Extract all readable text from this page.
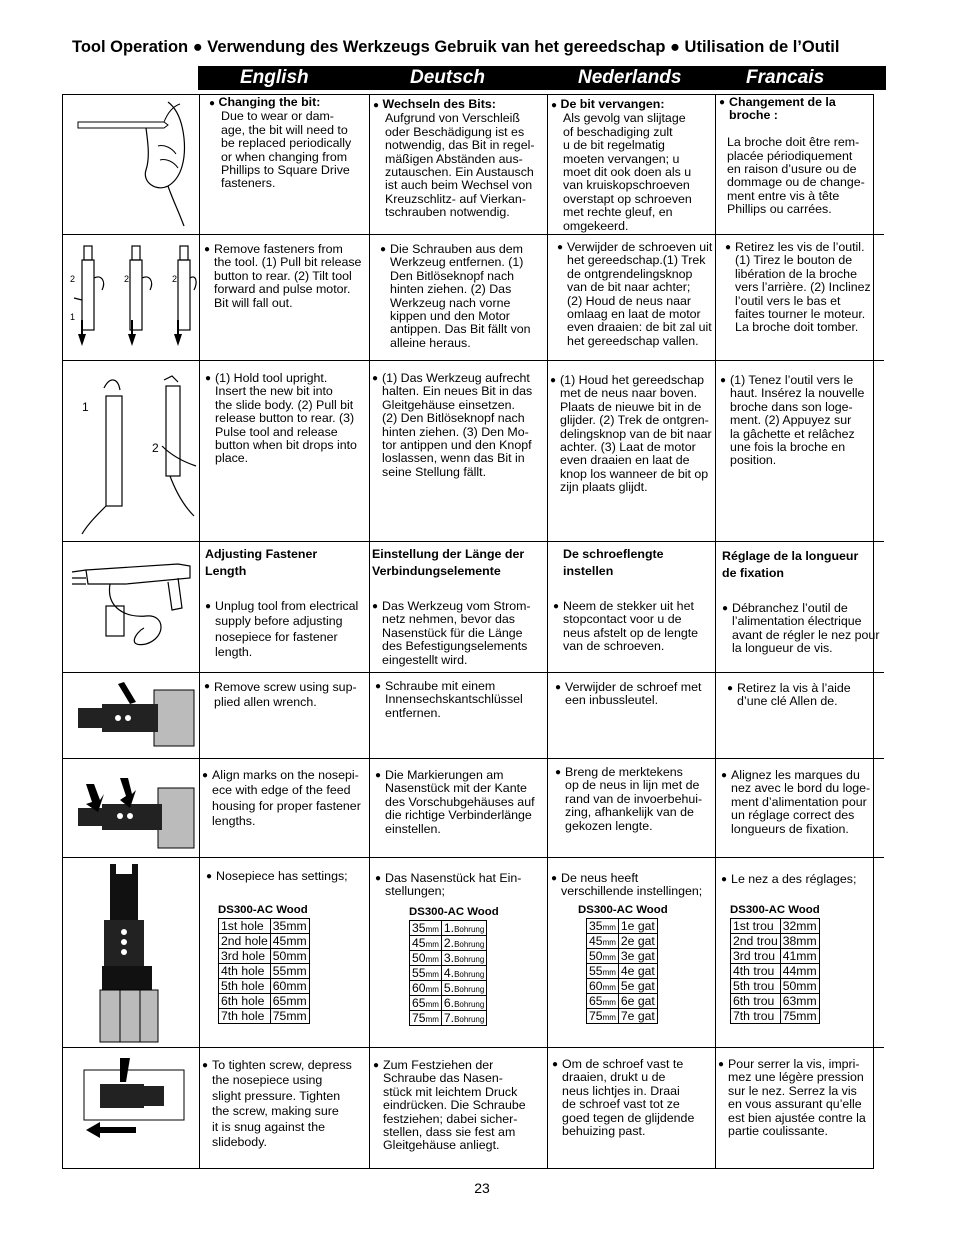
Tool Operation ● Verwendung des Werkzeugs Gebruik van het gereedschap ● Utilisation de l’Outil
English	Deutsch	Nederlands	Francais
● Changing the bit:

Due to wear or dam-
age, the bit will need to
be replaced periodically
or when changing from
Phillips to Square Drive
fasteners.
● Wechseln des Bits:

Aufgrund von Verschleiß
oder Beschädigung ist es
notwendig, das Bit in regel-
mäßigen Abständen aus-
zutauschen. Ein Austausch
ist auch beim Wechsel von
Kreuzschlitz- auf Vierkan-
tschrauben notwendig.
● De bit vervangen:

Als gevolg van slijtage
of beschadiging zult
u de bit regelmatig
moeten vervangen; u
moet dit ook doen als u
van kruiskopschroeven
overstapt op schroeven
met rechte gleuf, en
omgekeerd.
● Changement de la
broche :

La broche doit être rem-
placée périodiquement
en raison d’usure ou de
dommage ou de change-
ment entre vis à tête
Phillips ou carrées.
● Remove fasteners from
the tool. (1) Pull bit release
button to rear. (2) Tilt tool
forward and pulse motor.
Bit will fall out.
● Die Schrauben aus dem
Werkzeug entfernen. (1)
Den Bitlöseknopf nach
hinten ziehen. (2) Das
Werkzeug nach vorne
kippen und den Motor
antippen. Das Bit fällt von
alleine heraus.
● Verwijder de schroeven uit
het gereedschap.(1) Trek
de ontgrendelingsknop
van de bit naar achter;
(2) Houd de neus naar
omlaag en laat de motor
even draaien: de bit zal uit
het gereedschap vallen.
● Retirez les vis de l’outil.
(1) Tirez le bouton de
libération de la broche
vers l’arrière. (2) Inclinez
l’outil vers le bas et
faites tourner le moteur.
La broche doit tomber.
● (1) Hold tool upright.
Insert the new bit into
the slide body. (2) Pull bit
release button to rear. (3)
Pulse tool and release
button when bit drops into
place.
● (1) Das Werkzeug aufrecht
halten. Ein neues Bit in das
Gleitgehäuse einsetzen.
(2) Den Bitlöseknopf nach
hinten ziehen. (3) Den Mo-
tor antippen und den Knopf
loslassen, wenn das Bit in
seine Stellung fällt.
● (1) Houd het gereedschap
met de neus naar boven.
Plaats de nieuwe bit in de
glijder. (2) Trek de ontgren-
delingsknop van de bit naar
achter. (3) Laat de motor
even draaien en laat de
knop los wanneer de bit op
zijn plaats glijdt.
● (1) Tenez l’outil vers le
haut. Insérez la nouvelle
broche dans son loge-
ment. (2) Appuyez sur
la gâchette et relâchez
une fois la broche en
position.
Adjusting Fastener
Length

● Unplug tool from electrical
supply before adjusting
nosepiece for fastener
length.
Einstellung der Länge der
Verbindungselemente

● Das Werkzeug vom Strom-
netz nehmen, bevor das
Nasenstück für die Länge
des Befestigungselements
eingestellt wird.
De schroeflengte
instellen

● Neem de stekker uit het
stopcontact voor u de
neus afstelt op de lengte
van de schroeven.
Réglage de la longueur
de fixation

● Débranchez l’outil de
l’alimentation électrique
avant de régler le nez pour
la longueur de vis.
● Remove screw using sup-
plied allen wrench.
● Schraube mit einem
Innensechskantschlüssel
entfernen.
● Verwijder de schroef met
een inbussleutel.
● Retirez la vis à l’aide
d’une clé Allen de.
● Align marks on the nosepi-
ece with edge of the feed
housing for proper fastener
lengths.
● Die Markierungen am
Nasenstück mit der Kante
des Vorschubgehäuses auf
die richtige Verbinderlänge
einstellen.
● Breng de merktekens
op de neus in lijn met de
rand van de invoerbehui-
zing, afhankelijk van de
gekozen lengte.
● Alignez les marques du
nez avec le bord du loge-
ment d’alimentation pour
un réglage correct des
longueurs de fixation.
● Nosepiece has settings;	● Das Nasenstück hat Ein-
stellungen;
● De neus heeft
verschillende instellingen;
● Le nez a des réglages;
DS300-AC Wood
1st hole	35mm
2nd hole	45mm
3rd hole	50mm
4th hole	55mm
5th hole	60mm
6th hole	65mm
7th hole	75mm
DS300-AC Wood
35mm	1.Bohrung
45mm	2.Bohrung
50mm	3.Bohrung
55mm	4.Bohrung
60mm	5.Bohrung
65mm	6.Bohrung
75mm	7.Bohrung
DS300-AC Wood
35mm	1e gat
45mm	2e gat
50mm	3e gat
55mm	4e gat
60mm	5e gat
65mm	6e gat
75mm	7e gat
DS300-AC Wood
1st trou	32mm
2nd trou	38mm
3rd trou	41mm
4th trou	44mm
5th trou	50mm
6th trou	63mm
7th trou	75mm
● To tighten screw, depress
the nosepiece using
slight pressure. Tighten
the screw, making sure
it is snug against the
slidebody.
● Zum Festziehen der
Schraube das Nasen-
stück mit leichtem Druck
eindrücken. Die Schraube
festziehen; dabei sicher-
stellen, dass sie fest am
Gleitgehäuse anliegt.
● Om de schroef vast te
draaien, drukt u de
neus lichtjes in. Draai
de schroef vast tot ze
goed tegen de glijdende
behuizing past.
● Pour serrer la vis, impri-
mez une légère pression
sur le nez. Serrez la vis
en vous assurant qu’elle
est bien ajustée contre la
partie coulissante.
2
1
2	2
1
2
23
